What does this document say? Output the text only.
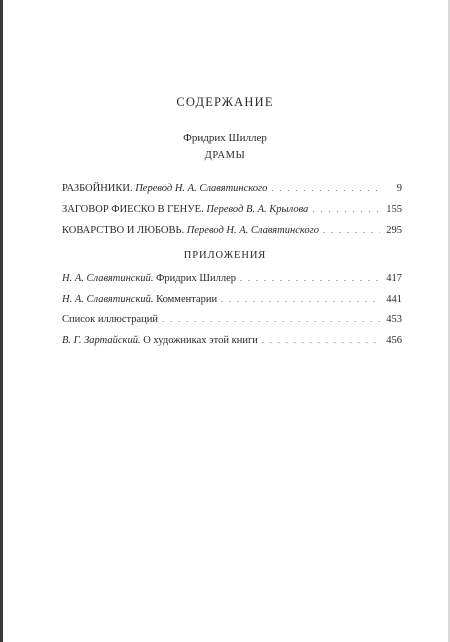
СОДЕРЖАНИЕ
Фридрих Шиллер
ДРАМЫ
РАЗБОЙНИКИ. Перевод Н. А. Славятинского . . .	9
ЗАГОВОР ФИЕСКО В ГЕНУЕ. Перевод В. А. Крылова . . .	155
КОВАРСТВО И ЛЮБОВЬ. Перевод Н. А. Славятинского . . .	295
ПРИЛОЖЕНИЯ
Н. А. Славятинский. Фридрих Шиллер . . .	417
Н. А. Славятинский. Комментарии . . .	441
Список иллюстраций . . .	453
В. Г. Зартайский. О художниках этой книги . . .	456
